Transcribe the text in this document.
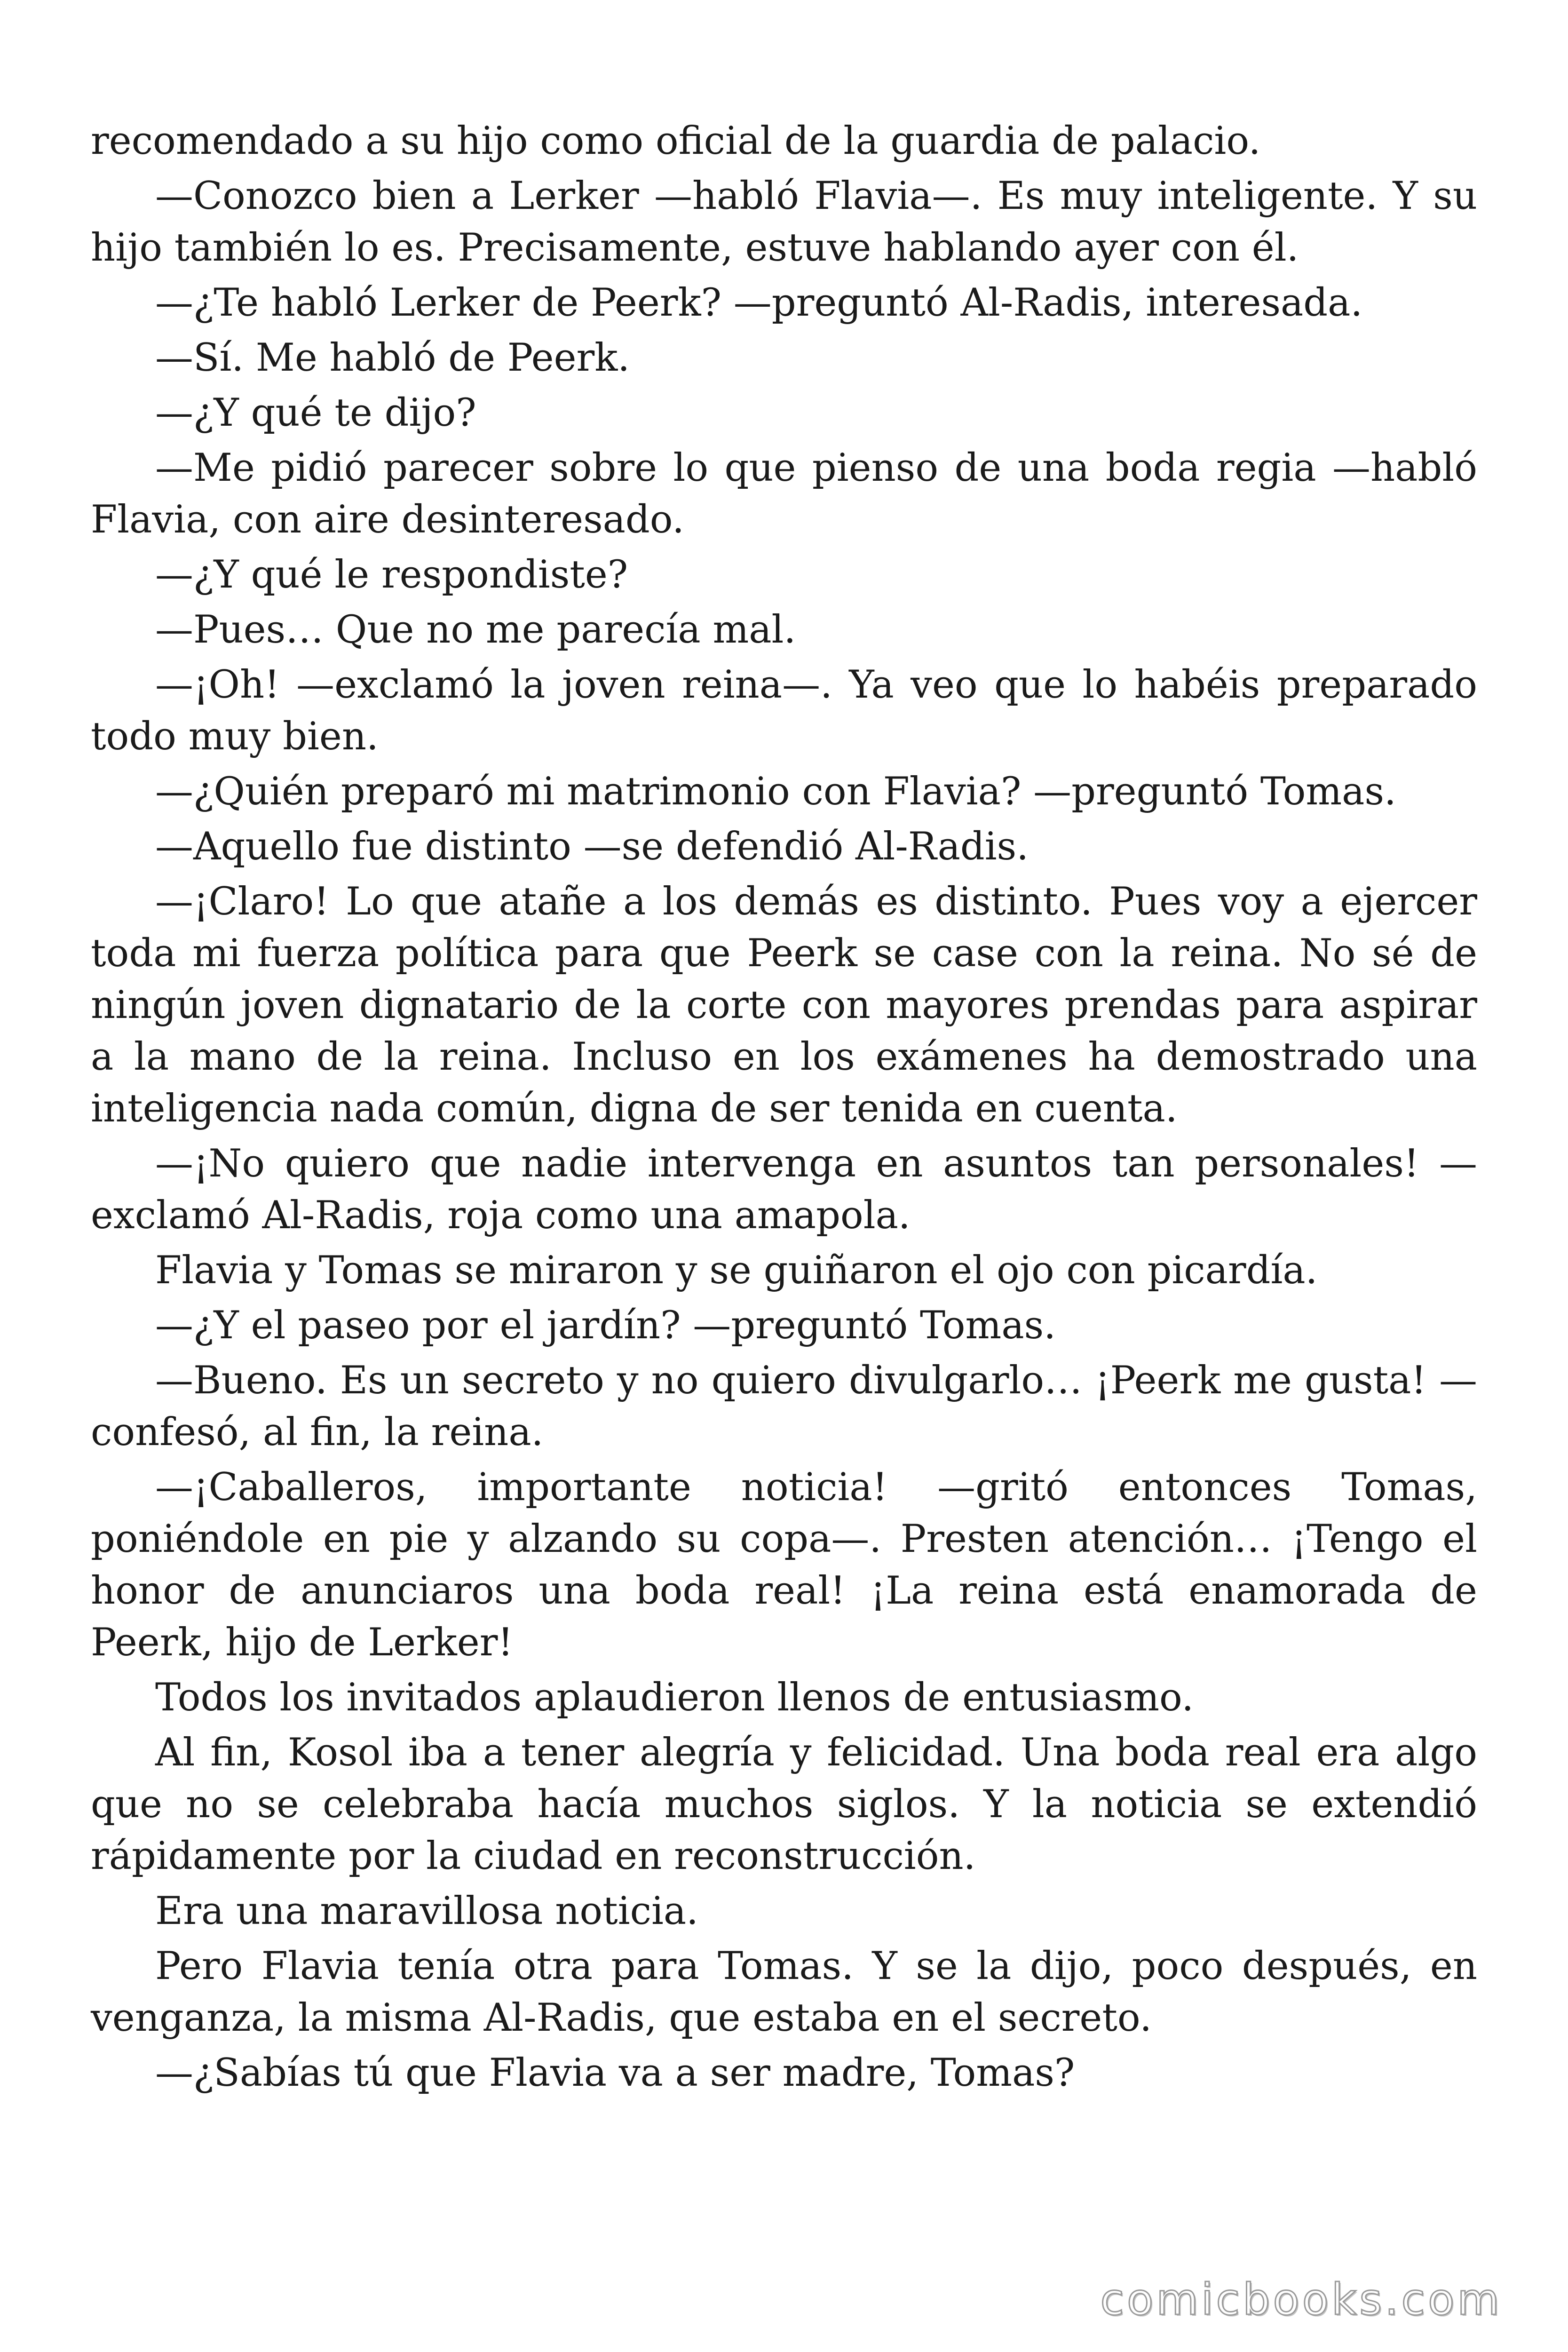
recomendado a su hijo como oficial de la guardia de palacio.

—Conozco bien a Lerker —habló Flavia—. Es muy inteligente. Y su hijo también lo es. Precisamente, estuve hablando ayer con él.

—¿Te habló Lerker de Peerk? —preguntó Al-Radis, interesada.

—Sí. Me habló de Peerk.

—¿Y qué te dijo?

—Me pidió parecer sobre lo que pienso de una boda regia —habló Flavia, con aire desinteresado.

—¿Y qué le respondiste?

—Pues… Que no me parecía mal.

—¡Oh! —exclamó la joven reina—. Ya veo que lo habéis preparado todo muy bien.

—¿Quién preparó mi matrimonio con Flavia? —preguntó Tomas.

—Aquello fue distinto —se defendió Al-Radis.

—¡Claro! Lo que atañe a los demás es distinto. Pues voy a ejercer toda mi fuerza política para que Peerk se case con la reina. No sé de ningún joven dignatario de la corte con mayores prendas para aspirar a la mano de la reina. Incluso en los exámenes ha demostrado una inteligencia nada común, digna de ser tenida en cuenta.

—¡No quiero que nadie intervenga en asuntos tan personales! —exclamó Al-Radis, roja como una amapola.

Flavia y Tomas se miraron y se guiñaron el ojo con picardía.

—¿Y el paseo por el jardín? —preguntó Tomas.

—Bueno. Es un secreto y no quiero divulgarlo… ¡Peerk me gusta! —confesó, al fin, la reina.

—¡Caballeros, importante noticia! —gritó entonces Tomas, poniéndole en pie y alzando su copa—. Presten atención… ¡Tengo el honor de anunciaros una boda real! ¡La reina está enamorada de Peerk, hijo de Lerker!

Todos los invitados aplaudieron llenos de entusiasmo.

Al fin, Kosol iba a tener alegría y felicidad. Una boda real era algo que no se celebraba hacía muchos siglos. Y la noticia se extendió rápidamente por la ciudad en reconstrucción.

Era una maravillosa noticia.

Pero Flavia tenía otra para Tomas. Y se la dijo, poco después, en venganza, la misma Al-Radis, que estaba en el secreto.

—¿Sabías tú que Flavia va a ser madre, Tomas?

comicbooks.com
